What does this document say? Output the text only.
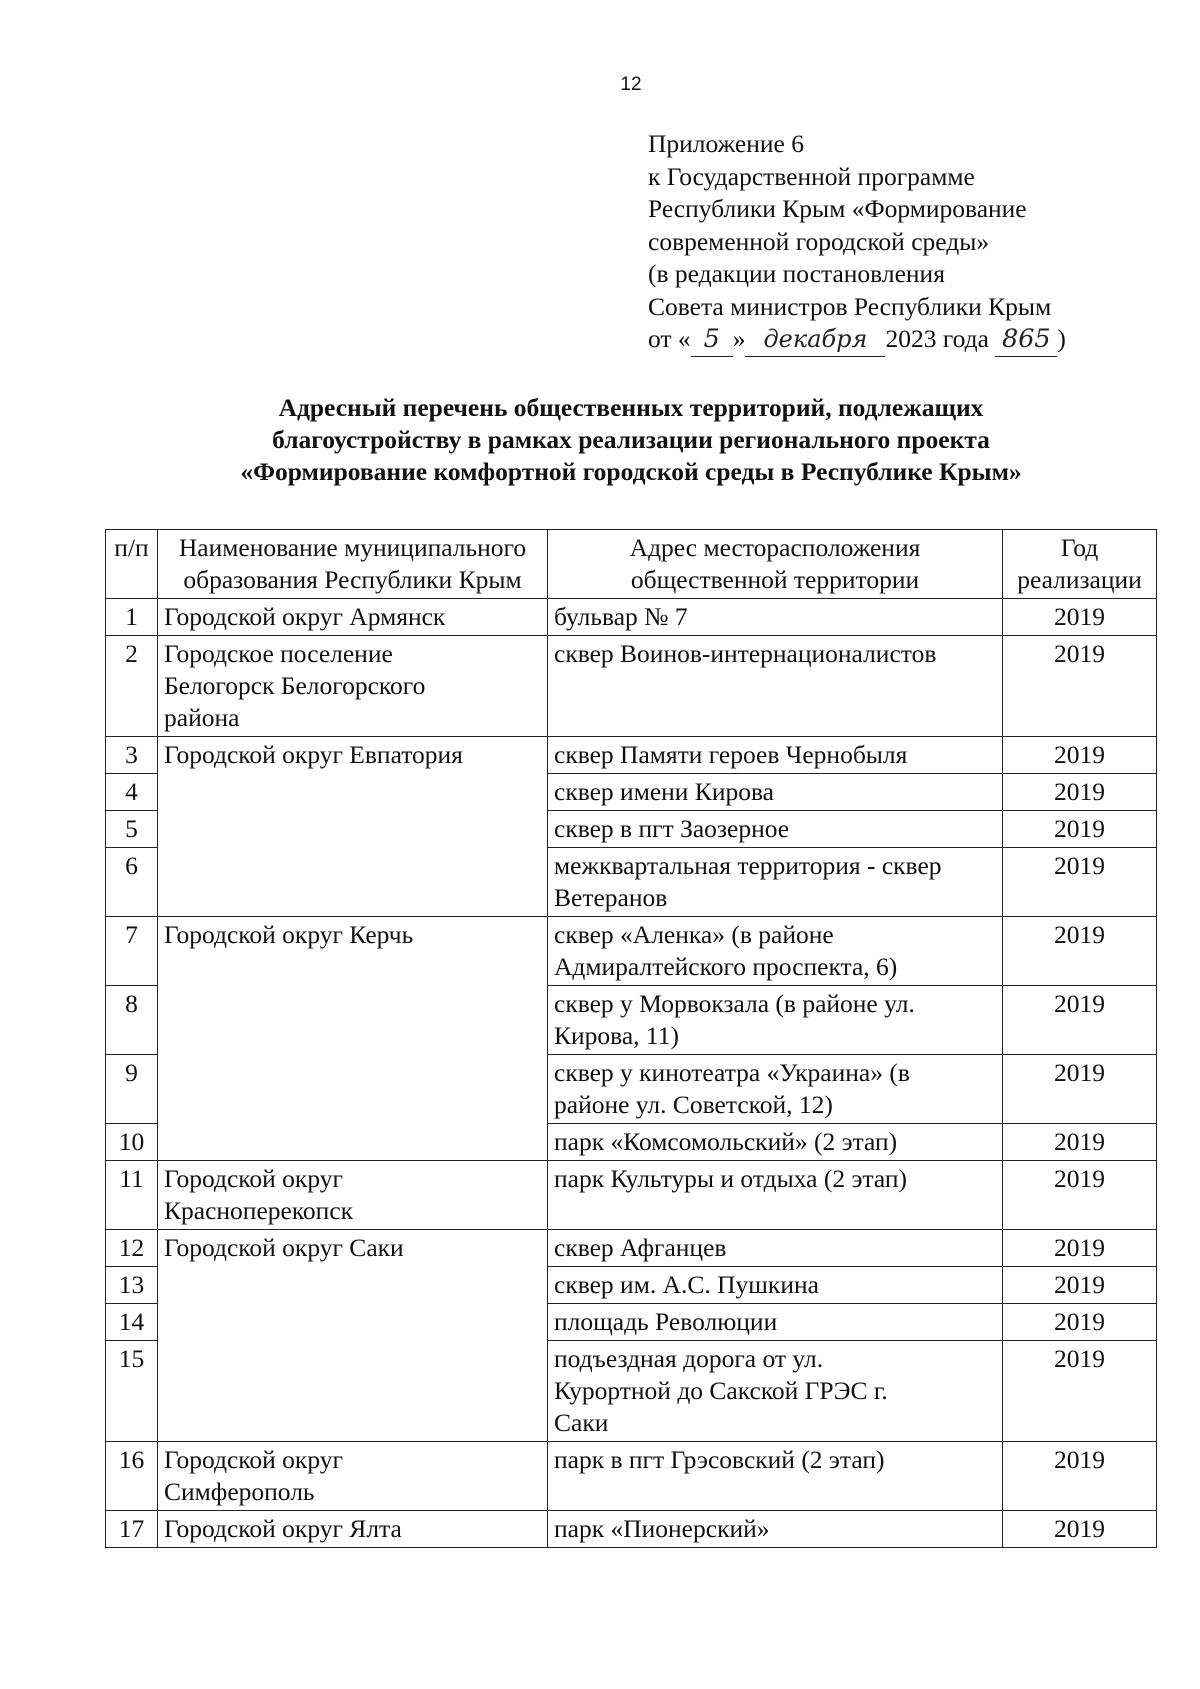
12
Приложение 6
к Государственной программе
Республики Крым «Формирование
современной городской среды»
(в редакции постановления
Совета министров Республики Крым
от « 5 » декабря 2023 года 865 )
Адресный перечень общественных территорий, подлежащих
благоустройству в рамках реализации регионального проекта
«Формирование комфортной городской среды в Республике Крым»
п/п	Наименование муниципального образования Республики Крым	Адрес месторасположения общественной территории	Год реализации
1	Городской округ Армянск	бульвар № 7	2019
2	Городское поселение Белогорск Белогорского района	сквер Воинов-интернационалистов	2019
3	Городской округ Евпатория	сквер Памяти героев Чернобыля	2019
4		сквер имени Кирова	2019
5		сквер в пгт Заозерное	2019
6		межквартальная территория - сквер Ветеранов	2019
7	Городской округ Керчь	сквер «Аленка» (в районе Адмиралтейского проспекта, 6)	2019
8		сквер у Морвокзала (в районе ул. Кирова, 11)	2019
9		сквер у кинотеатра «Украина» (в районе ул. Советской, 12)	2019
10		парк «Комсомольский» (2 этап)	2019
11	Городской округ Красноперекопск	парк Культуры и отдыха (2 этап)	2019
12	Городской округ Саки	сквер Афганцев	2019
13		сквер им. А.С. Пушкина	2019
14		площадь Революции	2019
15		подъездная дорога от ул. Курортной до Сакской ГРЭС г. Саки	2019
16	Городской округ Симферополь	парк в пгт Грэсовский (2 этап)	2019
17	Городской округ Ялта	парк «Пионерский»	2019
